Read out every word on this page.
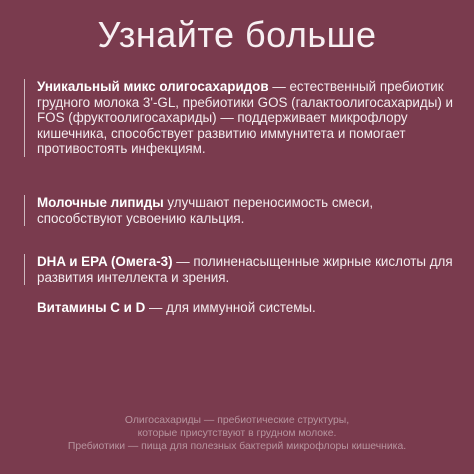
Узнайте больше
Уникальный микс олигосахаридов — естественный пребиотик грудного молока 3'-GL, пребиотики GOS (галактоолигосахариды) и FOS (фруктоолигосахариды) — поддерживает микрофлору кишечника, способствует развитию иммунитета и помогает противостоять инфекциям.
Молочные липиды улучшают переносимость смеси, способствуют усвоению кальция.
DHA и EPA (Омега-3) — полиненасыщенные жирные кислоты для развития интеллекта и зрения.
Витамины С и D — для иммунной системы.
Олигосахариды — пребиотические структуры,
которые присутствуют в грудном молоке.
Пребиотики — пища для полезных бактерий микрофлоры кишечника.
